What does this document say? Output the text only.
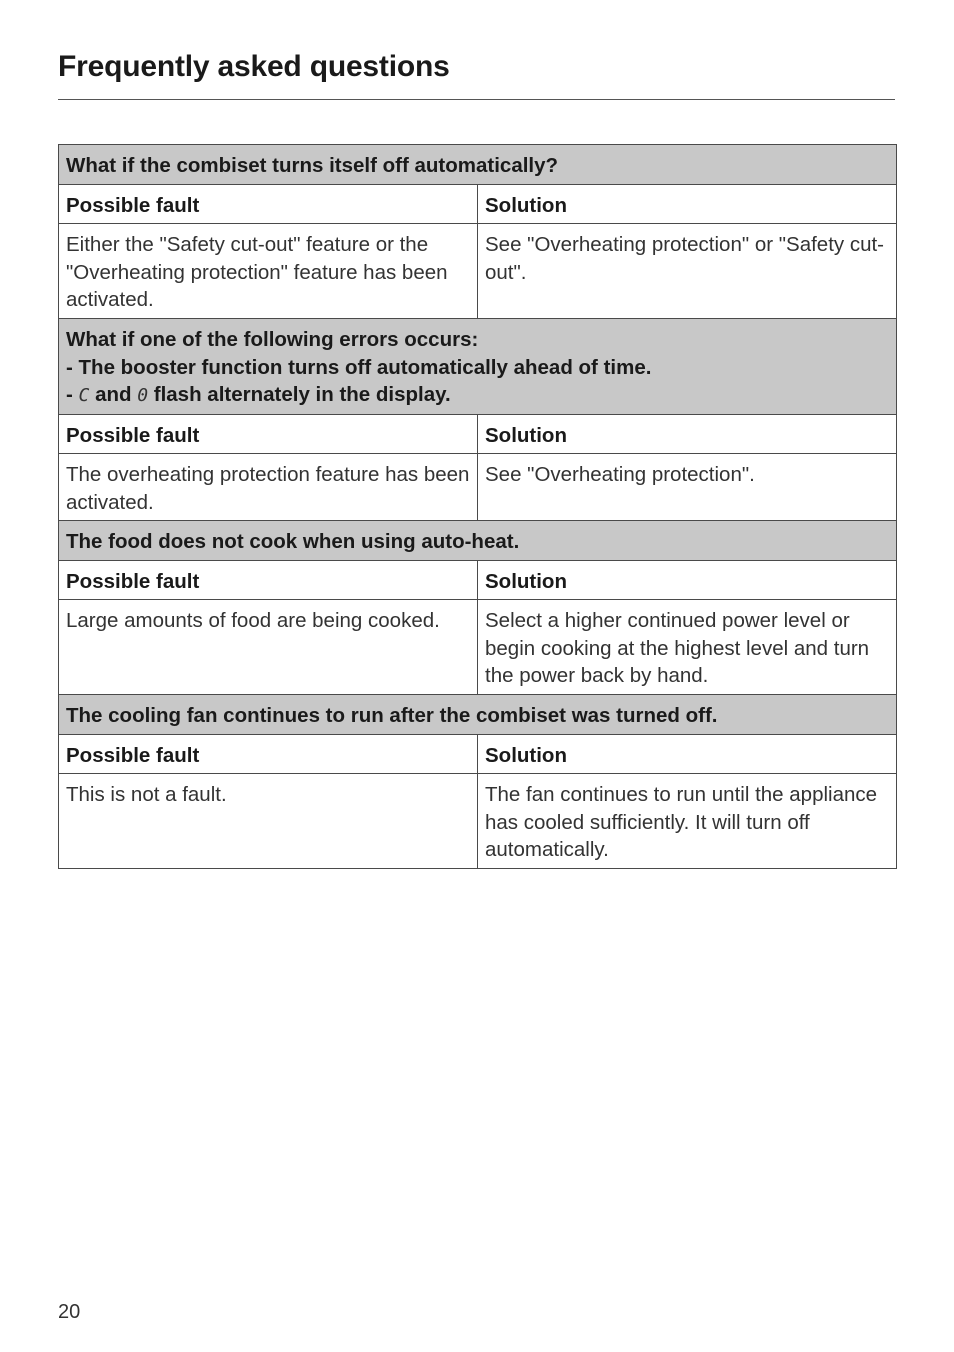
Frequently asked questions
What if the combiset turns itself off automatically?	
Possible fault	Solution
Either the "Safety cut-out" feature or the "Overheating protection" feature has been activated.	See "Overheating protection" or "Safety cut-out".

What if one of the following errors occurs:
- The booster function turns off automatically ahead of time.
- C and 0 flash alternately in the display.	

Possible fault	Solution
The overheating protection feature has been activated.	See "Overheating protection".
The food does not cook when using auto-heat.	
Possible fault	Solution
Large amounts of food are being cooked.	Select a higher continued power level or begin cooking at the highest level and turn the power back by hand.
The cooling fan continues to run after the combiset was turned off.	
Possible fault	Solution
This is not a fault.	The fan continues to run until the appliance has cooled sufficiently. It will turn off automatically.
20
